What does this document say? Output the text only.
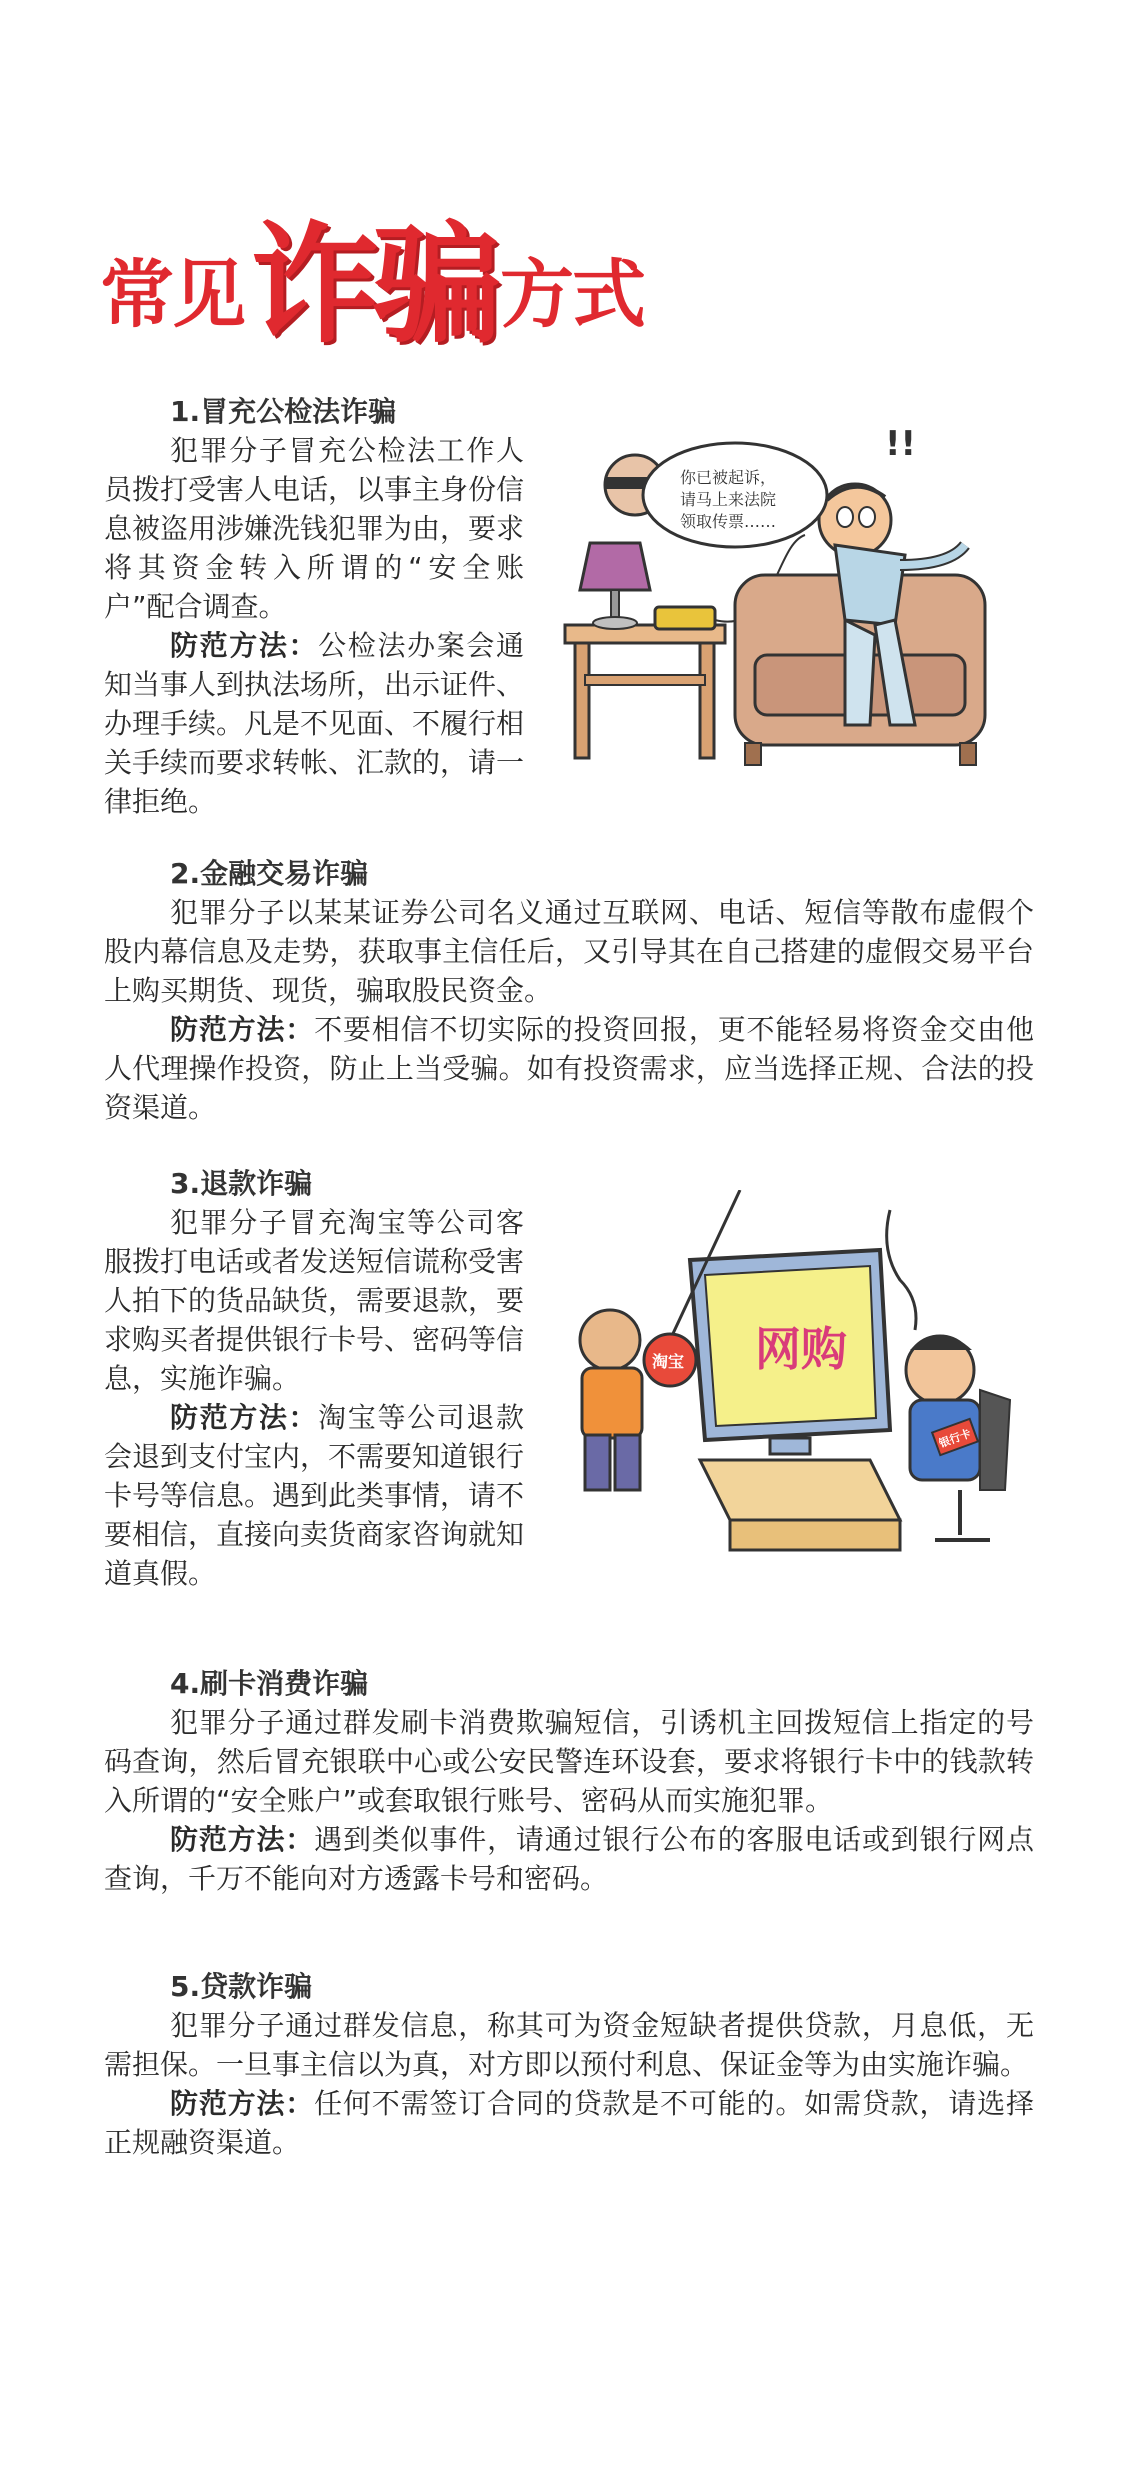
常见 诈骗 方式
1.冒充公检法诈骗

犯罪分子冒充公检法工作人员拨打受害人电话，以事主身份信息被盗用涉嫌洗钱犯罪为由，要求将其资金转入所谓的“安全账户”配合调查。

防范方法：公检法办案会通知当事人到执法场所，出示证件、办理手续。凡是不见面、不履行相关手续而要求转帐、汇款的，请一律拒绝。

!!
你已被起诉，
请马上来法院
领取传票……
2.金融交易诈骗

犯罪分子以某某证券公司名义通过互联网、电话、短信等散布虚假个股内幕信息及走势，获取事主信任后，又引导其在自己搭建的虚假交易平台上购买期货、现货，骗取股民资金。

防范方法：不要相信不切实际的投资回报，更不能轻易将资金交由他人代理操作投资，防止上当受骗。如有投资需求，应当选择正规、合法的投资渠道。

3.退款诈骗

犯罪分子冒充淘宝等公司客服拨打电话或者发送短信谎称受害人拍下的货品缺货，需要退款，要求购买者提供银行卡号、密码等信息，实施诈骗。

防范方法：淘宝等公司退款会退到支付宝内，不需要知道银行卡号等信息。遇到此类事情，请不要相信，直接向卖货商家咨询就知道真假。

网购
淘宝
银行卡
4.刷卡消费诈骗

犯罪分子通过群发刷卡消费欺骗短信，引诱机主回拨短信上指定的号码查询，然后冒充银联中心或公安民警连环设套，要求将银行卡中的钱款转入所谓的“安全账户”或套取银行账号、密码从而实施犯罪。

防范方法：遇到类似事件，请通过银行公布的客服电话或到银行网点查询，千万不能向对方透露卡号和密码。

5.贷款诈骗

犯罪分子通过群发信息，称其可为资金短缺者提供贷款，月息低，无需担保。一旦事主信以为真，对方即以预付利息、保证金等为由实施诈骗。

防范方法：任何不需签订合同的贷款是不可能的。如需贷款，请选择正规融资渠道。
